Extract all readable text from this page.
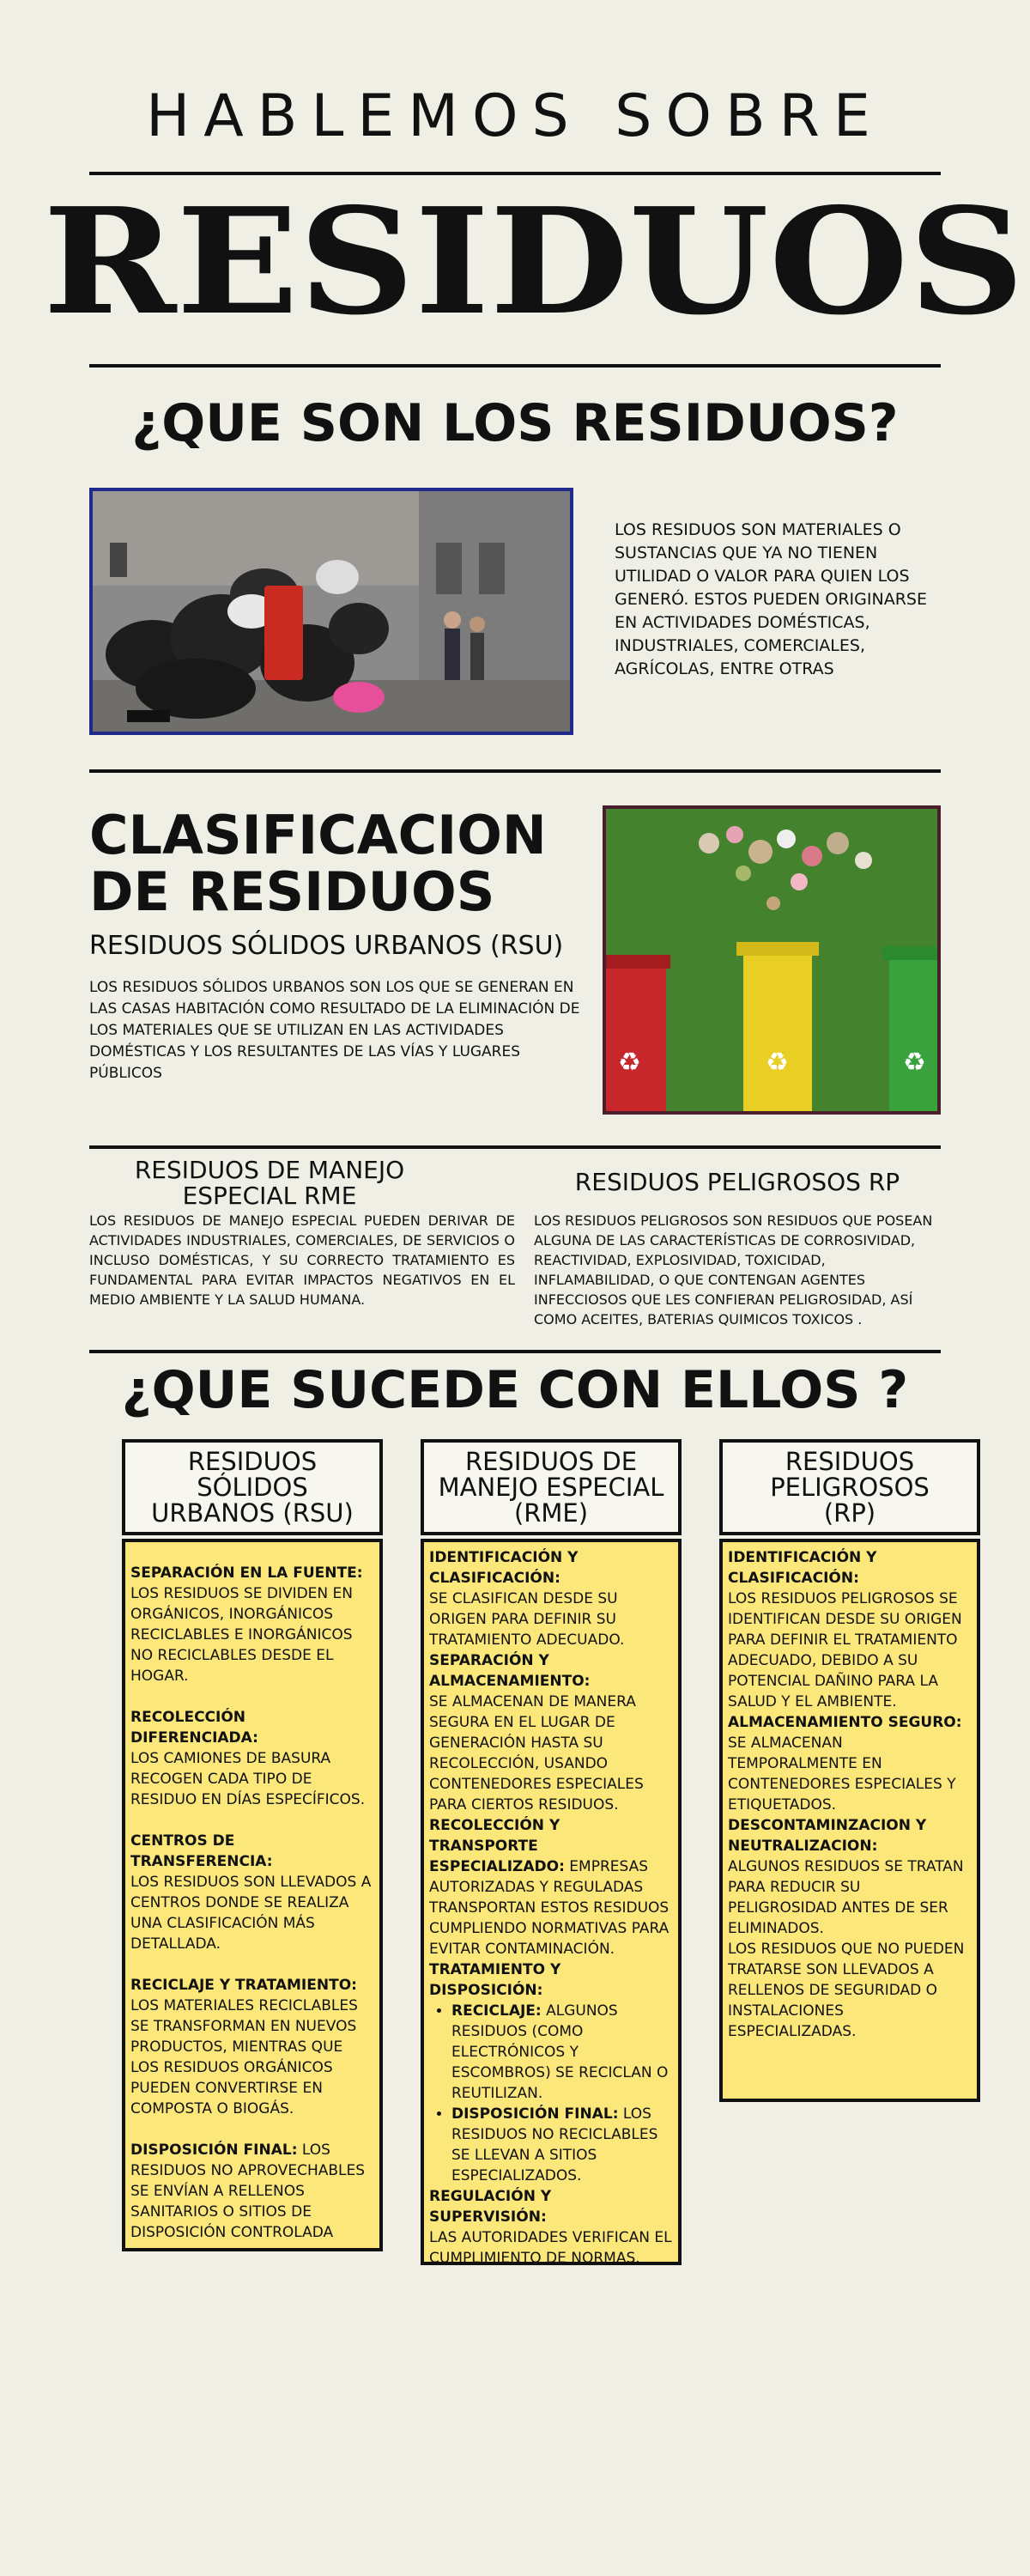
HABLEMOS SOBRE
RESIDUOS
¿QUE SON LOS RESIDUOS?
LOS RESIDUOS SON MATERIALES O SUSTANCIAS QUE YA NO TIENEN UTILIDAD O VALOR PARA QUIEN LOS GENERÓ. ESTOS PUEDEN ORIGINARSE EN ACTIVIDADES DOMÉSTICAS, INDUSTRIALES, COMERCIALES, AGRÍCOLAS, ENTRE OTRAS
CLASIFICACION
DE RESIDUOS
RESIDUOS SÓLIDOS URBANOS (RSU)
LOS RESIDUOS SÓLIDOS URBANOS SON LOS QUE SE GENERAN EN LAS CASAS HABITACIÓN COMO RESULTADO DE LA ELIMINACIÓN DE LOS MATERIALES QUE SE UTILIZAN EN LAS ACTIVIDADES DOMÉSTICAS Y LOS RESULTANTES DE LAS VÍAS Y LUGARES PÚBLICOS	♻	♻	♻
RESIDUOS DE MANEJO
ESPECIAL RME
LOS RESIDUOS DE MANEJO ESPECIAL PUEDEN DERIVAR DE ACTIVIDADES INDUSTRIALES, COMERCIALES, DE SERVICIOS O INCLUSO DOMÉSTICAS, Y SU CORRECTO TRATAMIENTO ES FUNDAMENTAL PARA EVITAR IMPACTOS NEGATIVOS EN EL MEDIO AMBIENTE Y LA SALUD HUMANA.
RESIDUOS PELIGROSOS RP
LOS RESIDUOS PELIGROSOS SON RESIDUOS QUE POSEAN ALGUNA DE LAS CARACTERÍSTICAS DE CORROSIVIDAD, REACTIVIDAD, EXPLOSIVIDAD, TOXICIDAD, INFLAMABILIDAD, O QUE CONTENGAN AGENTES INFECCIOSOS QUE LES CONFIERAN PELIGROSIDAD, ASÍ COMO ACEITES, BATERIAS QUIMICOS TOXICOS .
¿QUE SUCEDE CON ELLOS ?
RESIDUOS SÓLIDOS
URBANOS (RSU)

SEPARACIÓN EN LA FUENTE:
LOS RESIDUOS SE DIVIDEN EN ORGÁNICOS, INORGÁNICOS RECICLABLES E INORGÁNICOS NO RECICLABLES DESDE EL HOGAR.

RECOLECCIÓN DIFERENCIADA:
LOS CAMIONES DE BASURA RECOGEN CADA TIPO DE RESIDUO EN DÍAS ESPECÍFICOS.

CENTROS DE TRANSFERENCIA:
LOS RESIDUOS SON LLEVADOS A CENTROS DONDE SE REALIZA UNA CLASIFICACIÓN MÁS DETALLADA.

RECICLAJE Y TRATAMIENTO:
LOS MATERIALES RECICLABLES SE TRANSFORMAN EN NUEVOS PRODUCTOS, MIENTRAS QUE LOS RESIDUOS ORGÁNICOS PUEDEN CONVERTIRSE EN COMPOSTA O BIOGÁS.

DISPOSICIÓN FINAL: LOS RESIDUOS NO APROVECHABLES SE ENVÍAN A RELLENOS SANITARIOS O SITIOS DE DISPOSICIÓN CONTROLADA

RESIDUOS DE
MANEJO ESPECIAL
(RME)
IDENTIFICACIÓN Y CLASIFICACIÓN:
SE CLASIFICAN DESDE SU ORIGEN PARA DEFINIR SU TRATAMIENTO ADECUADO.
SEPARACIÓN Y ALMACENAMIENTO:
SE ALMACENAN DE MANERA SEGURA EN EL LUGAR DE GENERACIÓN HASTA SU RECOLECCIÓN, USANDO CONTENEDORES ESPECIALES PARA CIERTOS RESIDUOS.
RECOLECCIÓN Y TRANSPORTE ESPECIALIZADO: EMPRESAS AUTORIZADAS Y REGULADAS TRANSPORTAN ESTOS RESIDUOS CUMPLIENDO NORMATIVAS PARA EVITAR CONTAMINACIÓN.
TRATAMIENTO Y DISPOSICIÓN:
• RECICLAJE: ALGUNOS RESIDUOS (COMO ELECTRÓNICOS Y ESCOMBROS) SE RECICLAN O REUTILIZAN.
• DISPOSICIÓN FINAL: LOS RESIDUOS NO RECICLABLES SE LLEVAN A SITIOS ESPECIALIZADOS.
REGULACIÓN Y SUPERVISIÓN:
LAS AUTORIDADES VERIFICAN EL CUMPLIMIENTO DE NORMAS.
RESIDUOS
PELIGROSOS
(RP)
IDENTIFICACIÓN Y CLASIFICACIÓN:
LOS RESIDUOS PELIGROSOS SE IDENTIFICAN DESDE SU ORIGEN PARA DEFINIR EL TRATAMIENTO ADECUADO, DEBIDO A SU POTENCIAL DAÑINO PARA LA SALUD Y EL AMBIENTE.
ALMACENAMIENTO SEGURO:
SE ALMACENAN TEMPORALMENTE EN CONTENEDORES ESPECIALES Y ETIQUETADOS.
DESCONTAMINZACION Y NEUTRALIZACION:
ALGUNOS RESIDUOS SE TRATAN PARA REDUCIR SU PELIGROSIDAD ANTES DE SER ELIMINADOS.
LOS RESIDUOS QUE NO PUEDEN TRATARSE SON LLEVADOS A RELLENOS DE SEGURIDAD O INSTALACIONES ESPECIALIZADAS.
